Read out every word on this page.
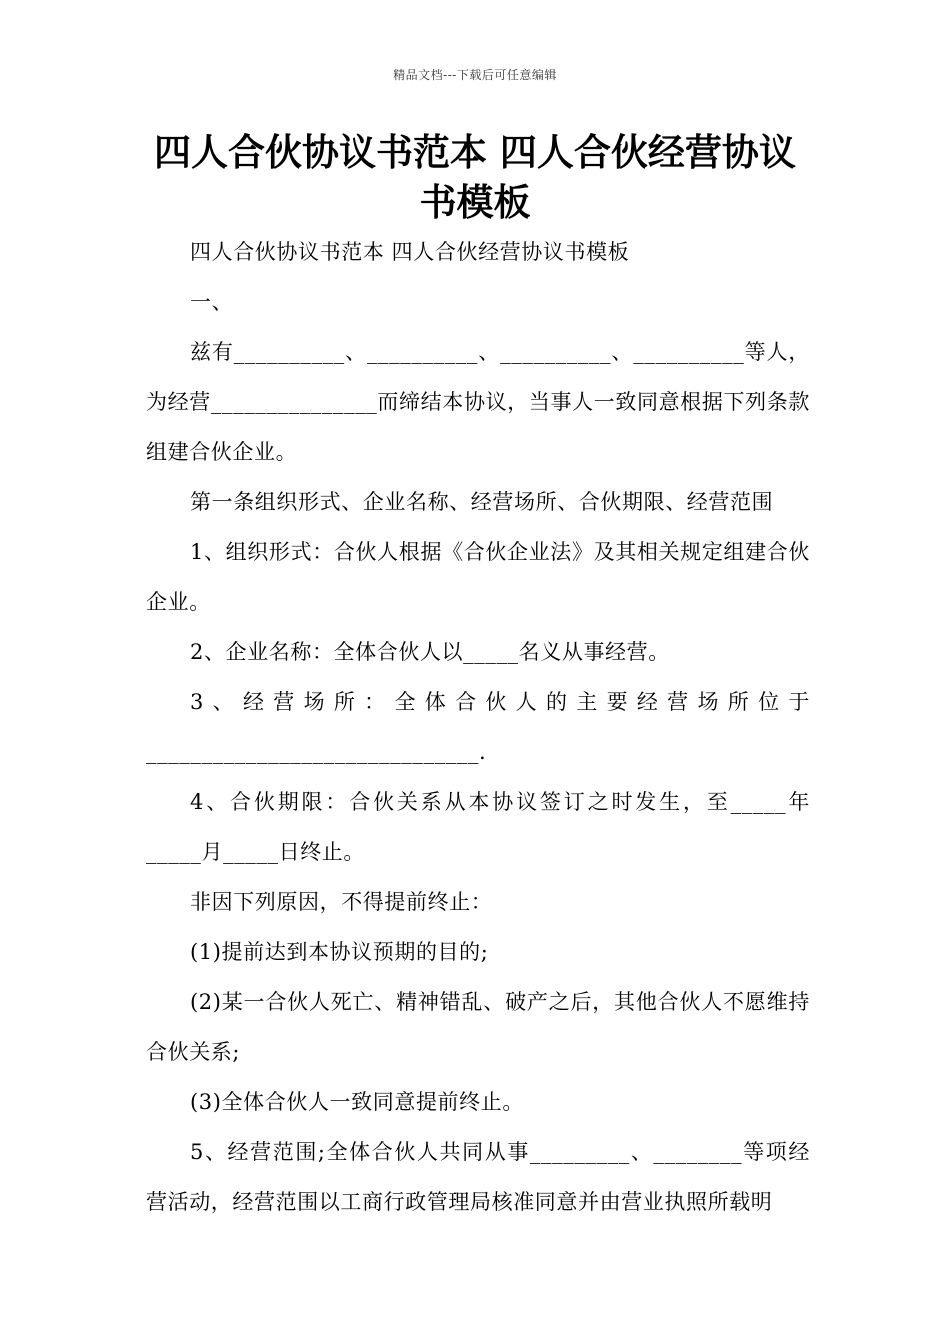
精品文档---下载后可任意编辑
四人合伙协议书范本 四人合伙经营协议书模板

四人合伙协议书范本 四人合伙经营协议书模板

一、

兹有__________、__________、__________、__________等人，为经营_______________而缔结本协议，当事人一致同意根据下列条款组建合伙企业。

第一条组织形式、企业名称、经营场所、合伙期限、经营范围

1、组织形式：合伙人根据《合伙企业法》及其相关规定组建合伙企业。

2、企业名称：全体合伙人以_____名义从事经营。

3、经营场所：全体合伙人的主要经营场所位于______________________________.

4、合伙期限：合伙关系从本协议签订之时发生，至_____年_____月_____日终止。

非因下列原因，不得提前终止：

(1)提前达到本协议预期的目的;

(2)某一合伙人死亡、精神错乱、破产之后，其他合伙人不愿维持合伙关系;

(3)全体合伙人一致同意提前终止。

5、经营范围;全体合伙人共同从事_________、________等项经营活动，经营范围以工商行政管理局核准同意并由营业执照所载明
